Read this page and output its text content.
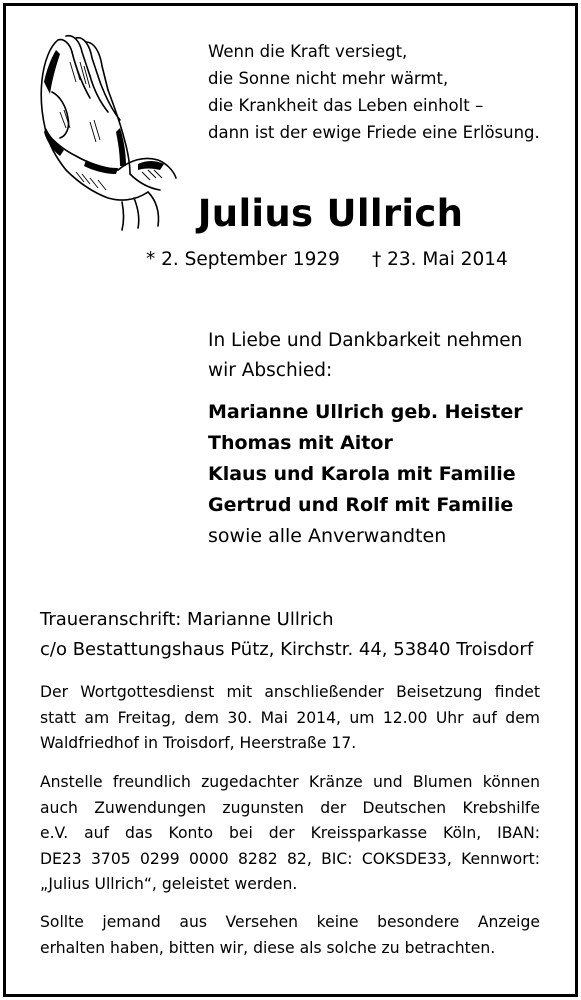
Wenn die Kraft versiegt,
die Sonne nicht mehr wärmt,
die Krankheit das Leben einholt –
dann ist der ewige Friede eine Erlösung.
Julius Ullrich
* 2. September 1929 † 23. Mai 2014
In Liebe und Dankbarkeit nehmen
wir Abschied:
Marianne Ullrich geb. Heister
Thomas mit Aitor
Klaus und Karola mit Familie
Gertrud und Rolf mit Familie
sowie alle Anverwandten
Traueranschrift: Marianne Ullrich
c/o Bestattungshaus Pütz, Kirchstr. 44, 53840 Troisdorf
Der Wortgottesdienst mit anschließender Beisetzung findet
statt am Freitag, dem 30. Mai 2014, um 12.00 Uhr auf dem
Waldfriedhof in Troisdorf, Heerstraße 17.
Anstelle freundlich zugedachter Kränze und Blumen können
auch Zuwendungen zugunsten der Deutschen Krebshilfe
e.V. auf das Konto bei der Kreissparkasse Köln, IBAN:
DE23 3705 0299 0000 8282 82, BIC: COKSDE33, Kennwort:
„Julius Ullrich“, geleistet werden.
Sollte jemand aus Versehen keine besondere Anzeige
erhalten haben, bitten wir, diese als solche zu betrachten.
